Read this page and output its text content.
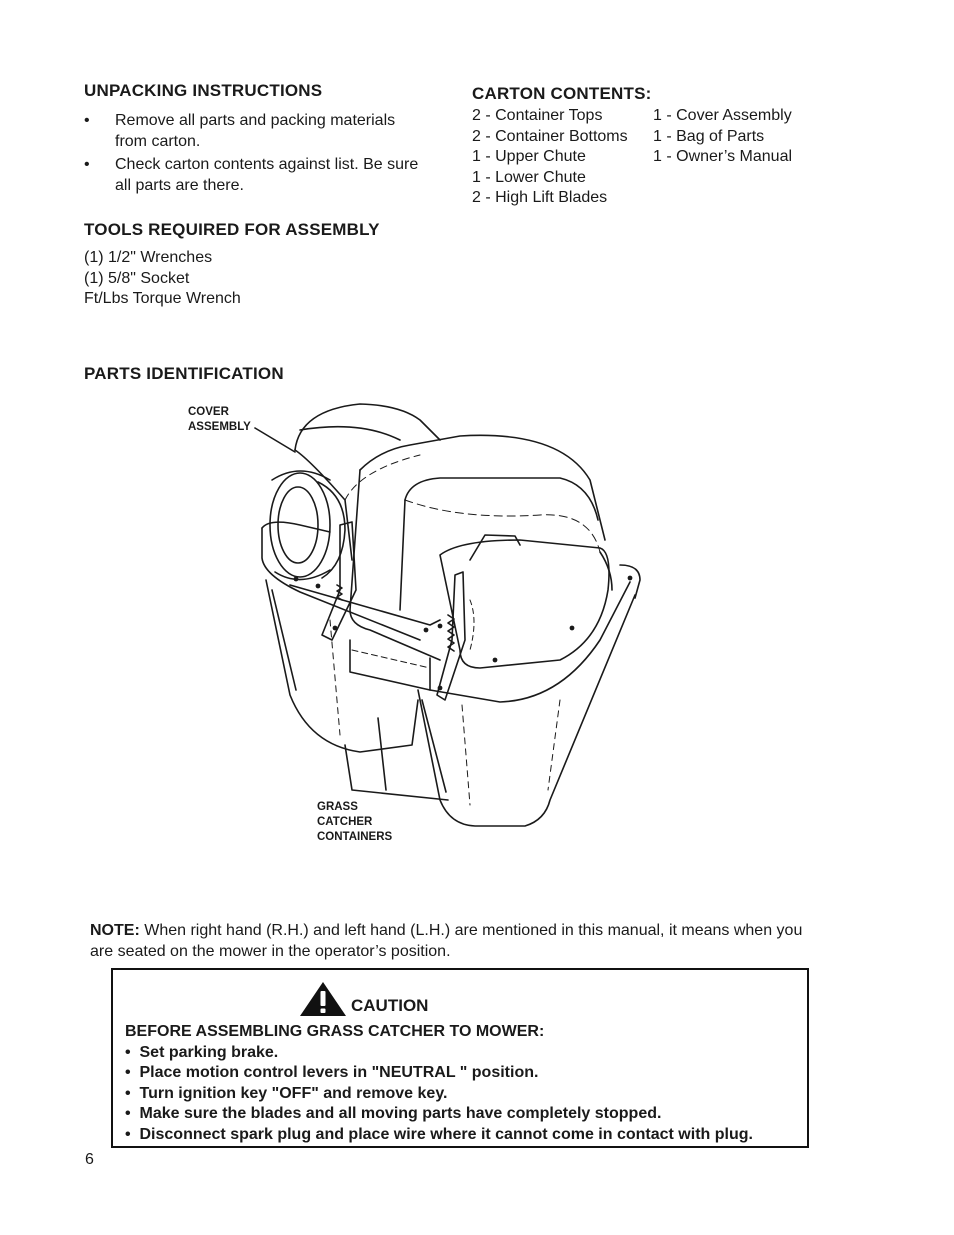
UNPACKING INSTRUCTIONS
• Remove all parts and packing materials
from carton.
• Check carton contents against list. Be sure
all parts are there.
TOOLS REQUIRED FOR ASSEMBLY
(1) 1/2" Wrenches
(1) 5/8" Socket
Ft/Lbs Torque Wrench
CARTON CONTENTS:
2 - Container Tops
2 - Container Bottoms
1 - Upper Chute
1 - Lower Chute
2 - High Lift Blades
1 - Cover Assembly
1 - Bag of Parts
1 - Owner’s Manual
PARTS IDENTIFICATION
COVER
ASSEMBLY
GRASS
CATCHER
CONTAINERS
NOTE: When right hand (R.H.) and left hand (L.H.) are mentioned in this manual, it means when you
are seated on the mower in the operator’s position.
CAUTION
BEFORE ASSEMBLING GRASS CATCHER TO MOWER:
• Set parking brake.
• Place motion control levers in "NEUTRAL " position.
• Turn ignition key "OFF" and remove key.
• Make sure the blades and all moving parts have completely stopped.
• Disconnect spark plug and place wire where it cannot come in contact with plug.
6
